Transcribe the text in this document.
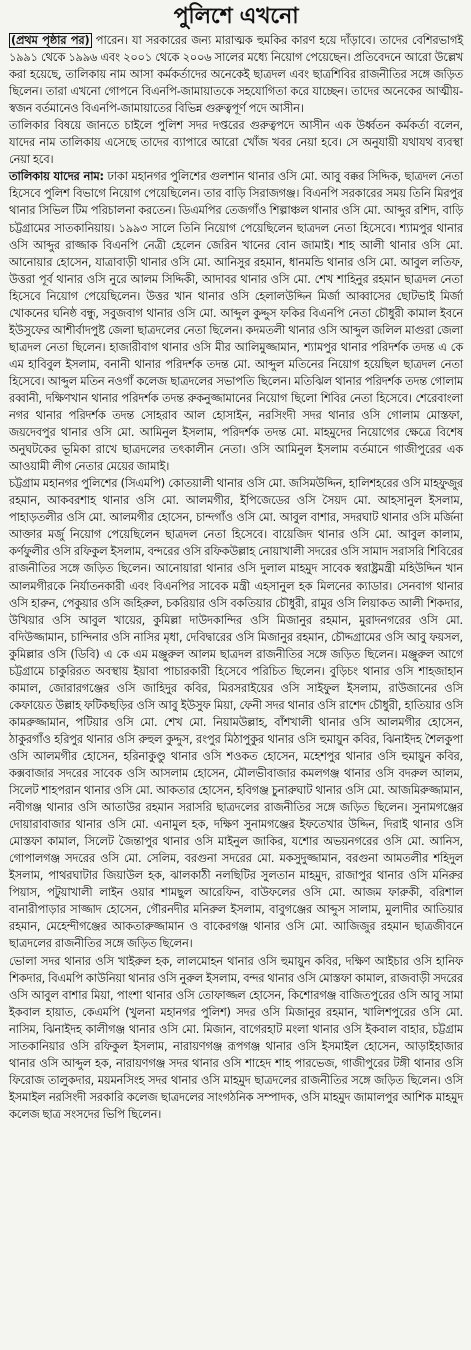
পুলিশে এখনো

(প্রথম পৃষ্ঠার পর) পারেন। যা সরকারের জন্য মারাত্মক হুমকির কারণ হয়ে দাঁড়াবে। তাদের বেশিরভাগই ১৯৯১ থেকে ১৯৯৬ এবং ২০০১ থেকে ২০০৬ সালের মধ্যে নিয়োগ পেয়েছেন। প্রতিবেদনে আরো উল্লেখ করা হয়েছে, তালিকায় নাম আসা কর্মকর্তাদের অনেকেই ছাত্রদল এবং ছাত্রশিবির রাজনীতির সঙ্গে জড়িত ছিলেন। তারা এখনো গোপনে বিএনপি-জামায়াতকে সহযোগিতা করে যাচ্ছেন। তাদের অনেকের আত্মীয়-স্বজন বর্তমানেও বিএনপি-জামায়াতের বিভিন্ন গুরুত্বপূর্ণ পদে আসীন।

তালিকার বিষয়ে জানতে চাইলে পুলিশ সদর দপ্তরের গুরুত্বপদে আসীন এক উর্ধ্বতন কর্মকর্তা বলেন, যাদের নাম তালিকায় এসেছে তাদের ব্যাপারে আরো খোঁজ খবর নেয়া হবে। সে অনুযায়ী যথাযথ ব্যবস্থা নেয়া হবে।

তালিকায় যাদের নাম: ঢাকা মহানগর পুলিশের গুলশান থানার ওসি মো. আবু বক্কর সিদ্দিক, ছাত্রদল নেতা হিসেবে পুলিশ বিভাগে নিয়োগ পেয়েছিলেন। তার বাড়ি সিরাজগঞ্জ। বিএনপি সরকারের সময় তিনি মিরপুর থানার সিভিল টিম পরিচালনা করতেন। ডিএমপির তেজগাঁও শিল্পাঞ্চল থানার ওসি মো. আব্দুর রশিদ, বাড়ি চট্টগ্রামের সাতকানিয়ায়। ১৯৯৩ সালে তিনি নিয়োগ পেয়েছিলেন ছাত্রদল নেতা হিসেবে। শ্যামপুর থানার ওসি আব্দুর রাজ্জাক বিএনপি নেত্রী হেলেন জেরিন খানের বোন জামাই। শাহ আলী থানার ওসি মো. আনোয়ার হোসেন, যাত্রাবাড়ী থানার ওসি মো. আনিসুর রহমান, ধানমন্ডি থানার ওসি মো. আবুল লতিফ, উত্তরা পূর্ব থানার ওসি নুরে আলম সিদ্দিকী, আদাবর থানার ওসি মো. শেখ শাহিনুর রহমান ছাত্রদল নেতা হিসেবে নিয়োগ পেয়েছিলেন। উত্তর খান থানার ওসি হেলালউদ্দিন মির্জা আব্বাসের ছোটভাই মির্জা খোকনের ঘনিষ্ঠ বন্ধু, সবুজবাগ থানার ওসি মো. আব্দুল কুদ্দুস ফকির বিএনপি নেতা চৌধুরী কামাল ইবনে ইউসুফের আশীর্বাদপুষ্ট জেলা ছাত্রদলের নেতা ছিলেন। কদমতলী থানার ওসি আব্দুল জলিল মাগুরা জেলা ছাত্রদল নেতা ছিলেন। হাজারীবাগ থানার ওসি মীর আলিমুজ্জামান, শ্যামপুর থানার পরিদর্শক তদন্ত এ কে এম হাবিবুল ইসলাম, বনানী থানার পরিদর্শক তদন্ত মো. আব্দুল মতিনের নিয়োগ হয়েছিল ছাত্রদল নেতা হিসেবে। আব্দুল মতিন নওগাঁ কলেজ ছাত্রদলের সভাপতি ছিলেন। মতিঝিল থানার পরিদর্শক তদন্ত গোলাম রব্বানী, দক্ষিণখান থানার পরিদর্শক তদন্ত রুকনুজ্জামানের নিয়োগ ছিলো শিবির নেতা হিসেবে। শেরেবাংলা নগর থানার পরিদর্শক তদন্ত সোহরাব আল হোসাইন, নরসিংদী সদর থানার ওসি গোলাম মোস্তফা, জয়দেবপুর থানার ওসি মো. আমিনুল ইসলাম, পরিদর্শক তদন্ত মো. মাহমুদের নিয়োগের ক্ষেত্রে বিশেষ অনুঘটকের ভূমিকা রাখে ছাত্রদলের তৎকালীন নেতা। ওসি আমিনুল ইসলাম বর্তমানে গাজীপুরের এক আওয়ামী লীগ নেতার মেয়ের জামাই।

চট্টগ্রাম মহানগর পুলিশের (সিএমপি) কোতয়ালী থানার ওসি মো. জসিমউদ্দিন, হালিশহরের ওসি মাহফুজুর রহমান, আকবরশাহ থানার ওসি মো. আলমগীর, ইপিজেডের ওসি সৈয়দ মো. আহসানুল ইসলাম, পাহাড়তলীর ওসি মো. আলমগীর হোসেন, চান্দগাঁও ওসি মো. আবুল বাশার, সদরঘাট থানার ওসি মর্জিনা আক্তার মর্জু নিয়োগ পেয়েছিলেন ছাত্রদল নেতা হিসেবে। বায়েজিদ থানার ওসি মো. আবুল কালাম, কর্ণফুলীর ওসি রফিকুল ইসলাম, বন্দরের ওসি রফিকউল্লাহ নোয়াখালী সদরের ওসি সামাদ সরাসরি শিবিরের রাজনীতির সঙ্গে জড়িত ছিলেন। আনোয়ারা থানার ওসি দুলাল মাহমুদ সাবেক স্বরাষ্ট্রমন্ত্রী মহিউদ্দিন খান আলমগীরকে নির্যাতনকারী এবং বিএনপির সাবেক মন্ত্রী এহসানুল হক মিলনের ক্যাডার। সেনবাগ থানার ওসি হারুন, পেকুয়ার ওসি জহিরুল, চকরিয়ার ওসি বকতিয়ার চৌধুরী, রামুর ওসি লিয়াকত আলী শিকদার, উখিয়ার ওসি আবুল খায়ের, কুমিল্লা দাউদকান্দির ওসি মিজানুর রহমান, মুরাদনগরের ওসি মো. বদিউজ্জামান, চান্দিনার ওসি নাসির মৃধা, দেবিদ্বারের ওসি মিজানুর রহমান, চৌদ্দগ্রামের ওসি আবু ফয়সল, কুমিল্লার ওসি (ডিবি) এ কে এম মঞ্জুরুল আলম ছাত্রদল রাজনীতির সঙ্গে জড়িত ছিলেন। মঞ্জুরুল আগে চট্টগ্রামে চাকুরিরত অবস্থায় ইয়াবা পাচারকারী হিসেবে পরিচিত ছিলেন। বুড়িচং থানার ওসি শাহজাহান কামাল, জোরারগঞ্জের ওসি জাহিদুর কবির, মিরসরাইয়ের ওসি সাইফুল ইসলাম, রাউজানের ওসি কেফায়েত উল্লাহ ফটিকছড়ির ওসি আবু ইউসুফ মিয়া, ফেনী সদর থানার ওসি রাশেদ চৌধুরী, হাতিয়ার ওসি কামরুজ্জামান, পটিয়ার ওসি মো. শেখ মো. নিয়ামউল্লাহ, বাঁশখালী থানার ওসি আলমগীর হোসেন, ঠাকুরগাঁও হরিপুর থানার ওসি রুহুল কুদ্দুস, রংপুর মিঠাপুকুর থানার ওসি হুমায়ুন কবির, ঝিনাইদহ শৈলকুপা ওসি আলমগীর হোসেন, হরিনাকুণ্ডু থানার ওসি শওকত হোসেন, মহেশপুর থানার ওসি হুমায়ুন কবির, কক্সবাজার সদরের সাবেক ওসি আসলাম হোসেন, মৌলভীবাজার কমলগঞ্জ থানার ওসি বদরুল আলম, সিলেট শাহপরান থানার ওসি মো. আকতার হোসেন, হবিগঞ্জ চুনারুঘাট থানার ওসি মো. আজমিরুজ্জামান, নবীগঞ্জ থানার ওসি আতাউর রহমান সরাসরি ছাত্রদলের রাজনীতির সঙ্গে জড়িত ছিলেন। সুনামগঞ্জের দোয়ারাবাজার থানার ওসি মো. এনামুল হক, দক্ষিণ সুনামগঞ্জের ইফতেখার উদ্দিন, দিরাই থানার ওসি মোস্তফা কামাল, সিলেট জৈন্তাপুর থানার ওসি মাইনুল জাকির, যশোর অভয়নগরের ওসি মো. আনিস, গোপালগঞ্জ সদরের ওসি মো. সেলিম, বরগুনা সদরের মো. মকসুদুজ্জামান, বরগুনা আমতলীর শহিদুল ইসলাম, পাথরঘাটার জিয়াউল হক, ঝালকাঠী নলছিটির সুলতান মাহমুদ, রাজাপুর থানার ওসি মনিরুর পিয়াস, পটুয়াখালী লাইন ওয়ার শামছুল আরেফিন, বাউফলের ওসি মো. আজম ফারুকী, বরিশাল বানারীপাড়ার সাজ্জাদ হোসেন, গৌরনদীর মনিরুল ইসলাম, বাবুগঞ্জের আব্দুস সালাম, মুলাদীর আতিয়ার রহমান, মেহেন্দীগঞ্জের আকতারুজ্জামান ও বাকেরগঞ্জ থানার ওসি মো. আজিজুর রহমান ছাত্রজীবনে ছাত্রদলের রাজনীতির সঙ্গে জড়িত ছিলেন।

ভোলা সদর থানার ওসি খাইরুল হক, লালমোহন থানার ওসি হুমায়ুন কবির, দক্ষিণ আইচার ওসি হানিফ শিকদার, বিএমপি কাউনিয়া থানার ওসি নুরুল ইসলাম, বন্দর থানার ওসি মোস্তফা কামাল, রাজবাড়ী সদরের ওসি আবুল বাশার মিয়া, পাংশা থানার ওসি তোফাজ্জল হোসেন, কিশোরগঞ্জ বাজিতপুরের ওসি আবু সামা ইকবাল হায়াত, কেএমপি (খুলনা মহানগর পুলিশ) সদর ওসি মিজানুর রহমান, খালিশপুরের ওসি মো. নাসিম, ঝিনাইদহ কালীগঞ্জ থানার ওসি মো. মিজান, বাগেরহাট মংলা থানার ওসি ইকবাল বাহার, চট্টগ্রাম সাতকানিয়ার ওসি রফিকুল ইসলাম, নারায়ণগঞ্জ রূপগঞ্জ থানার ওসি ইসমাইল হোসেন, আড়াইহাজার থানার ওসি আব্দুল হক, নারায়ণগঞ্জ সদর থানার ওসি শাহেদ শাহ পারভেজ, গাজীপুরের টঙ্গী থানার ওসি ফিরোজ তালুকদার, ময়মনসিংহ সদর থানার ওসি মাহমুদ ছাত্রদলের রাজনীতির সঙ্গে জড়িত ছিলেন। ওসি ইসমাইল নরসিংদী সরকারি কলেজ ছাত্রদলের সাংগঠনিক সম্পাদক, ওসি মাহমুদ জামালপুর আশিক মাহমুদ কলেজ ছাত্র সংসদের ভিপি ছিলেন।
